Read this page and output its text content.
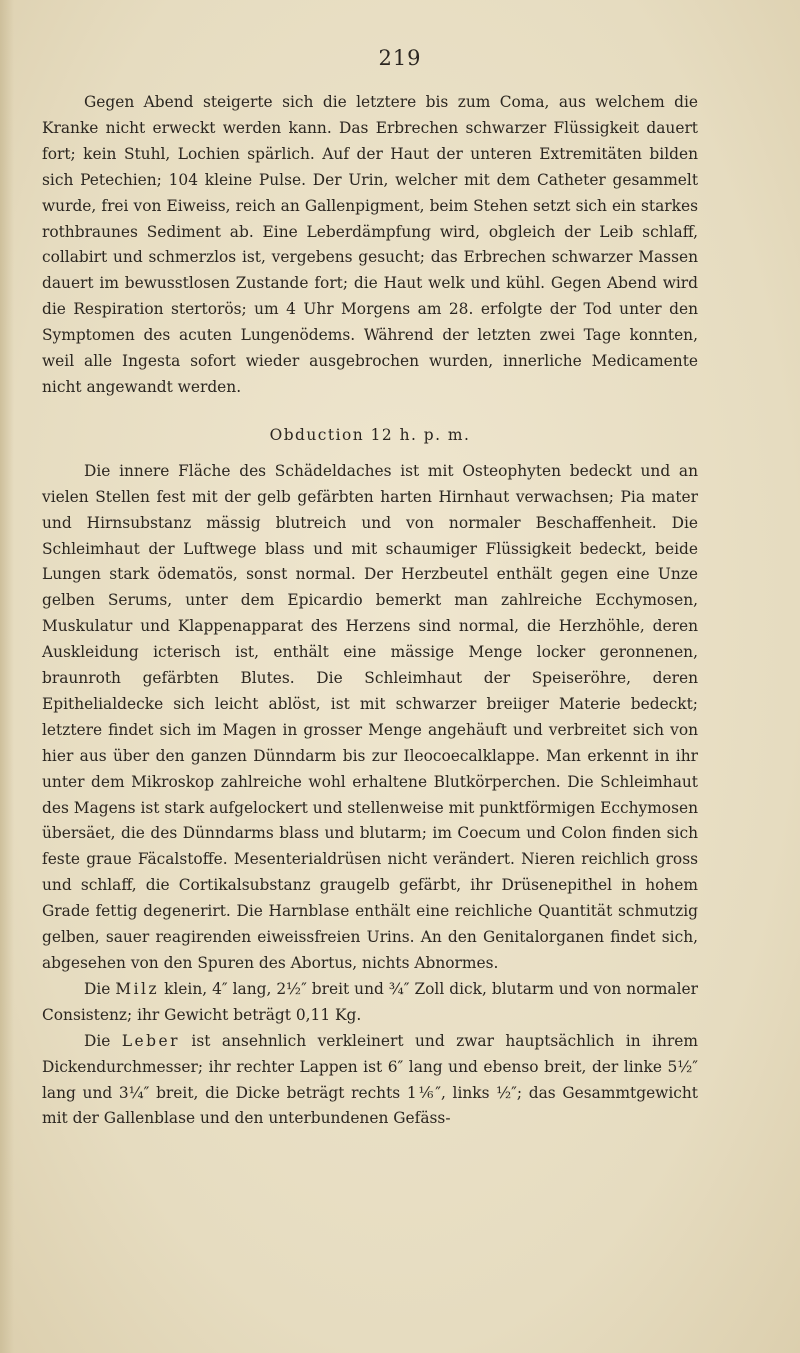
219

Gegen Abend steigerte sich die letztere bis zum Coma, aus welchem die Kranke nicht erweckt werden kann. Das Erbrechen schwarzer Flüssigkeit dauert fort; kein Stuhl, Lochien spärlich. Auf der Haut der unteren Extremitäten bilden sich Petechien; 104 kleine Pulse. Der Urin, welcher mit dem Catheter gesammelt wurde, frei von Eiweiss, reich an Gallenpigment, beim Stehen setzt sich ein starkes rothbraunes Sediment ab. Eine Leberdämpfung wird, obgleich der Leib schlaff, collabirt und schmerzlos ist, vergebens gesucht; das Erbrechen schwarzer Massen dauert im bewusstlosen Zustande fort; die Haut welk und kühl. Gegen Abend wird die Respiration stertorös; um 4 Uhr Morgens am 28. erfolgte der Tod unter den Symptomen des acuten Lungenödems. Während der letzten zwei Tage konnten, weil alle Ingesta sofort wieder ausgebrochen wurden, innerliche Medicamente nicht angewandt werden.

Obduction 12 h. p. m.

Die innere Fläche des Schädeldaches ist mit Osteophyten bedeckt und an vielen Stellen fest mit der gelb gefärbten harten Hirnhaut verwachsen; Pia mater und Hirnsubstanz mässig blutreich und von normaler Beschaffenheit. Die Schleimhaut der Luftwege blass und mit schaumiger Flüssigkeit bedeckt, beide Lungen stark ödematös, sonst normal. Der Herzbeutel enthält gegen eine Unze gelben Serums, unter dem Epicardio bemerkt man zahlreiche Ecchymosen, Muskulatur und Klappenapparat des Herzens sind normal, die Herzhöhle, deren Auskleidung icterisch ist, enthält eine mässige Menge locker geronnenen, braunroth gefärbten Blutes. Die Schleimhaut der Speiseröhre, deren Epithelialdecke sich leicht ablöst, ist mit schwarzer breiiger Materie bedeckt; letztere findet sich im Magen in grosser Menge angehäuft und verbreitet sich von hier aus über den ganzen Dünndarm bis zur Ileocoecalklappe. Man erkennt in ihr unter dem Mikroskop zahlreiche wohl erhaltene Blutkörperchen. Die Schleimhaut des Magens ist stark aufgelockert und stellenweise mit punktförmigen Ecchymosen übersäet, die des Dünndarms blass und blutarm; im Coecum und Colon finden sich feste graue Fäcalstoffe. Mesenterialdrüsen nicht verändert. Nieren reichlich gross und schlaff, die Cortikalsubstanz graugelb gefärbt, ihr Drüsenepithel in hohem Grade fettig degenerirt. Die Harnblase enthält eine reichliche Quantität schmutzig gelben, sauer reagirenden eiweissfreien Urins. An den Genitalorganen findet sich, abgesehen von den Spuren des Abortus, nichts Abnormes.

Die Milz klein, 4″ lang, 2½″ breit und ¾″ Zoll dick, blutarm und von normaler Consistenz; ihr Gewicht beträgt 0,11 Kg.

Die Leber ist ansehnlich verkleinert und zwar hauptsächlich in ihrem Dickendurchmesser; ihr rechter Lappen ist 6″ lang und ebenso breit, der linke 5½″ lang und 3¼″ breit, die Dicke beträgt rechts 1⅙″, links ½″; das Gesammtgewicht mit der Gallenblase und den unterbundenen Gefäss-
